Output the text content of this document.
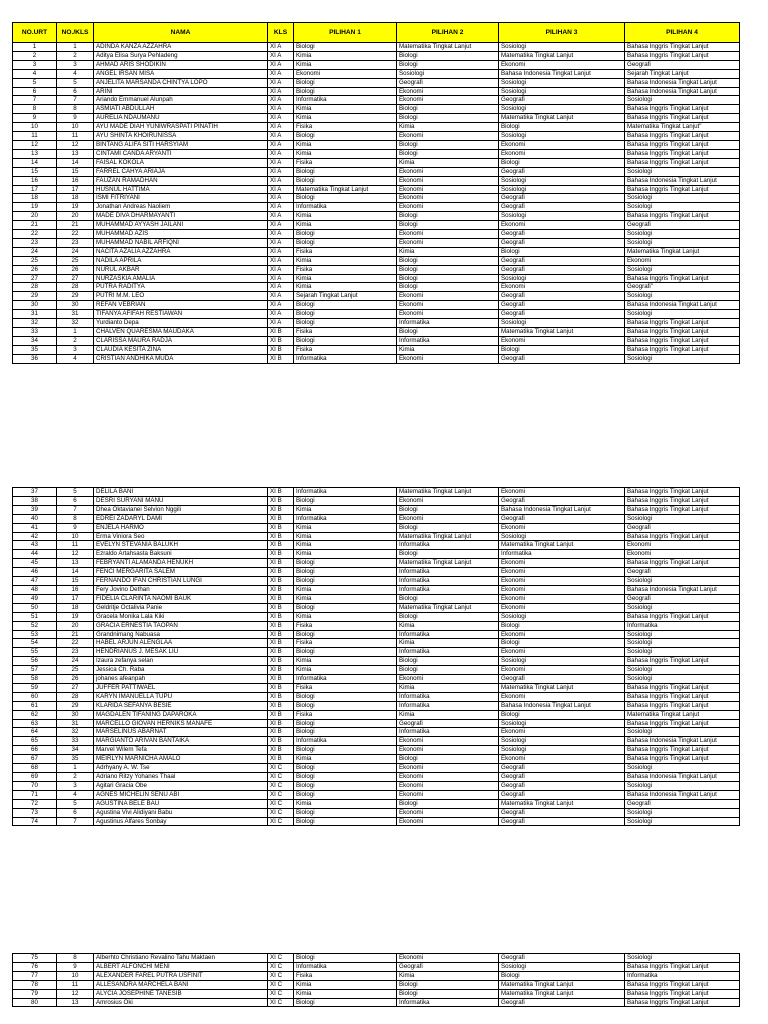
NO.URT	NO./KLS	NAMA	KLS	PILIHAN 1	PILIHAN 2	PILIHAN 3	PILIHAN 4
1	1	ADINDA KANZA AZZAHRA	XI A	Biologi	Matematika Tingkat Lanjut	Sosiologi	Bahasa Inggris Tingkat Lanjut
2	2	Aditya Elisa Surya Pehladeng	XI A	Kimia	Biologi	Matematika Tingkat Lanjut	Bahasa Inggris Tingkat Lanjut
3	3	AHMAD ARIS SHODIKIN	XI A	Kimia	Biologi	Ekonomi	Geografi
4	4	ANGEL IRSAN MISA	XI A	Ekonomi	Sosiologi	Bahasa Indonesia Tingkat Lanjut	Sejarah Tingkat Lanjut
5	5	ANJELITA MARSANDA CHINTYA LOPO	XI A	Biologi	Geografi	Sosiologi	Bahasa Indonesia Tingkat Lanjut
6	6	ARINI	XI A	Biologi	Ekonomi	Sosiologi	Bahasa Indonesia Tingkat Lanjut
7	7	Ariando Emmanuel Alunpah	XI A	Informatika	Ekonomi	Geografi	Sosiologi
8	8	ASMIATI ABDULLAH	XI A	Kimia	Biologi	Sosiologi	Bahasa Inggris Tingkat Lanjut
9	9	AURELIA NDAUMANU	XI A	Kimia	Biologi	Matematika Tingkat Lanjut	Bahasa Inggris Tingkat Lanjut
10	10	AYU MADE DIAH YUNIWRASPATI PINATIH	XI A	Fisika	Kimia	Biologi	Matematika Tingkat Lanjut"
11	11	AYU SHINTA KHOIRUNISSA	XI A	Biologi	Ekonomi	Sosiologi	Bahasa Inggris Tingkat Lanjut
12	12	BINTANG ALIFA SITI HARSYIAM	XI A	Kimia	Biologi	Ekonomi	Bahasa Inggris Tingkat Lanjut
13	13	CINTAMI CANDA ARYANTI	XI A	Kimia	Biologi	Ekonomi	Bahasa Inggris Tingkat Lanjut
14	14	FAISAL KOKOLA	XI A	Fisika	Kimia	Biologi	Bahasa Inggris Tingkat Lanjut
15	15	FARREL CAHYA ARIAJA	XI A	Biologi	Ekonomi	Geografi	Sosiologi
16	16	FAUZAN RAMADHAN	XI A	Biologi	Ekonomi	Sosiologi	Bahasa Indonesia Tingkat Lanjut
17	17	HUSNUL HATTIMA	XI A	Matematika Tingkat Lanjut	Ekonomi	Sosiologi	Bahasa Inggris Tingkat Lanjut
18	18	ISMI FITRIYANI	XI A	Biologi	Ekonomi	Geografi	Sosiologi
19	19	Jonathan Andreas Naoliem	XI A	Informatika	Ekonomi	Geografi	Sosiologi
20	20	MADE DIVA DHARMAYANTI	XI A	Kimia	Biologi	Sosiologi	Bahasa Inggris Tingkat Lanjut
21	21	MUHAMMAD AYYASH JAILANI	XI A	Kimia	Biologi	Ekonomi	Geografi
22	22	MUHAMMAD AZIS	XI A	Biologi	Ekonomi	Geografi	Sosiologi
23	23	MUHAMMAD NABIL ARFIQNI	XI A	Biologi	Ekonomi	Geografi	Sosiologi
24	24	NACITA AZALIA AZZAHRA	XI A	Fisika	Kimia	Biologi	Matematika Tingkat Lanjut
25	25	NADILA APRILA	XI A	Kimia	Biologi	Geografi	Ekonomi
26	26	NURUL AKBAR	XI A	Fisika	Biologi	Geografi	Sosiologi
27	27	NURZASKIA AMALIA	XI A	Kimia	Biologi	Sosiologi	Bahasa Inggris Tingkat Lanjut
28	28	PUTRA RADITYA	XI A	Kimia	Biologi	Ekonomi	Geografi"
29	29	PUTRI M.M. LEO	XI A	Sejarah Tingkat Lanjut	Ekonomi	Geografi	Sosiologi
30	30	REFAN VEBRIAN	XI A	Biologi	Ekonomi	Geografi	Bahasa Indonesia Tingkat Lanjut
31	31	TIFANYA AFIFAH RESTIAWAN	XI A	Biologi	Ekonomi	Geografi	Sosiologi
32	32	Yurdianto Depa	XI A	Biologi	Informatika	Sosiologi	Bahasa Inggris Tingkat Lanjut
33	1	CHALVEN QUARESMA MAUDAKA	XI B	Fisika	Biologi	Matematika Tingkat Lanjut	Bahasa Inggris Tingkat Lanjut
34	2	CLARISSA MAURA RADJA	XI B	Biologi	Informatika	Ekonomi	Bahasa Inggris Tingkat Lanjut
35	3	CLAUDIA KESITA ZINA	XI B	Fisika	Kimia	Biologi	Bahasa Inggris Tingkat Lanjut
36	4	CRISTIAN ANDHIKA MUDA	XI B	Informatika	Ekonomi	Geografi	Sosiologi
37	5	DELILA BANI	XI B	Informatika	Matematika Tingkat Lanjut	Ekonomi	Bahasa Inggris Tingkat Lanjut
38	6	DESRI SURYANI MANU	XI B	Biologi	Ekonomi	Geografi	Bahasa Inggris Tingkat Lanjut
39	7	Dhea Oktavianei Selvion Nggili	XI B	Kimia	Biologi	Bahasa Indonesia Tingkat Lanjut	Bahasa Inggris Tingkat Lanjut
40	8	EDREI ZADARYL DAMI	XI B	Informatika	Ekonomi	Geografi	Sosiologi
41	9	ENJELA HARMO	XI B	Kimia	Biologi	Ekonomi	Geografi
42	10	Erma Viniora Seo	XI B	Kimia	Matematika Tingkat Lanjut	Sosiologi	Bahasa Inggris Tingkat Lanjut
43	11	EVELYN STEVANIA BALUKH	XI B	Kimia	Informatika	Matematika Tingkat Lanjut	Ekonomi
44	12	Ezraldo Artahsasta Baksuni	XI B	Kimia	Biologi	Informatika	Ekonomi
45	13	FEBRYANTI ALAMANDA HENUKH	XI B	Biologi	Matematika Tingkat Lanjut	Ekonomi	Bahasa Inggris Tingkat Lanjut
46	14	FENCI MERGARITA SALEM	XI B	Biologi	Informatika	Ekonomi	Geografi
47	15	FERNANDO IFAN CHRISTIAN LUNGI	XI B	Biologi	Informatika	Ekonomi	Sosiologi
48	16	Fery Jovino Dethan	XI B	Kimia	Informatika	Ekonomi	Bahasa Indonesia Tingkat Lanjut
49	17	FIDELIA CLARINTA NAOMI BAUK	XI B	Kimia	Biologi	Ekonomi	Geografi
50	18	Geldritje Octalivia Panie	XI B	Biologi	Matematika Tingkat Lanjut	Ekonomi	Sosiologi
51	19	Gracela Monika Lala Kiki	XI B	Kimia	Biologi	Sosiologi	Bahasa Inggris Tingkat Lanjut
52	20	GRACIA ERNESTIA TAOPAN	XI B	Fisika	Kimia	Biologi	Informatika
53	21	Grandnimang Nabuasa	XI B	Biologi	Informatika	Ekonomi	Sosiologi
54	22	HABEL ARJUN ALENGLAA	XI B	Fisika	Kimia	Biologi	Sosiologi
55	23	HENDRIANUS J. MESAK LIU	XI B	Biologi	Informatika	Ekonomi	Sosiologi
56	24	Izaura zefanya selan	XI B	Kimia	Biologi	Sosiologi	Bahasa Inggris Tingkat Lanjut
57	25	Jessica Ch. Raba	XI B	Kimia	Biologi	Ekonomi	Sosiologi
58	26	johanes afeanpah	XI B	Informatika	Ekonomi	Geografi	Sosiologi
59	27	JUFFER PATTIWAEL	XI B	Fisika	Kimia	Matematika Tingkat Lanjut	Bahasa Inggris Tingkat Lanjut
60	28	KARYN IMANUELLA TUPU	XI B	Biologi	Informatika	Ekonomi	Bahasa Inggris Tingkat Lanjut
61	29	KLARIDA SEFANYA BESIE	XI B	Biologi	Informatika	Bahasa Indonesia Tingkat Lanjut	Bahasa Inggris Tingkat Lanjut
62	30	MAGDALEN TIFANING DAPAROKA	XI B	Fisika	Kimia	Biologi	Matematika Tingkat Lanjut
63	31	MARCELLO GIOVAN HERNIKS MANAFE	XI B	Biologi	Geografi	Sosiologi	Bahasa Inggris Tingkat Lanjut
64	32	MARSELINUS ABARNAT	XI B	Biologi	Informatika	Ekonomi	Sosiologi
65	33	MARGIANTO ARIVAN BANTAIKA	XI B	Informatika	Ekonomi	Sosiologi	Bahasa Indonesia Tingkat Lanjut
66	34	Marvel Wilem Tefa	XI B	Biologi	Ekonomi	Sosiologi	Bahasa Inggris Tingkat Lanjut
67	35	MEIRLYN MARNICHA AMALO	XI B	Kimia	Biologi	Ekonomi	Bahasa Inggris Tingkat Lanjut
68	1	Adrhyany A. W. Tse	XI C	Biologi	Ekonomi	Geografi	Sosiologi
69	2	Adriano Ritzy Yohanes Thaal	XI C	Biologi	Ekonomi	Geografi	Bahasa Indonesia Tingkat Lanjut
70	3	Agitari Gracia Obe	XI C	Biologi	Ekonomi	Geografi	Sosiologi
71	4	AGNES MICHELIN SENU ABI	XI C	Biologi	Ekonomi	Geografi	Bahasa Indonesia Tingkat Lanjut
72	5	AGUSTINA BELE BAU	XI C	Kimia	Biologi	Matematika Tingkat Lanjut	Geografi
73	6	Agustina Vivi Alidiyani Babu	XI C	Biologi	Ekonomi	Geografi	Sosiologi
74	7	Agustinus Alfares Sonbay	XI C	Biologi	Ekonomi	Geografi	Sosiologi
75	8	Alberhto Christiano Revalino Tahu Maktaen	XI C	Biologi	Ekonomi	Geografi	Sosiologi
76	9	ALBERT ALFONCHI MENI	XI C	Informatika	Geografi	Sosiologi	Bahasa Inggris Tingkat Lanjut
77	10	ALEXANDER FAREL PUTRA USFINIT	XI C	Fisika	Kimia	Biologi	Informatika
78	11	ALLESANDRA MARCHELA BANI	XI C	Kimia	Biologi	Matematika Tingkat Lanjut	Bahasa Inggris Tingkat Lanjut
79	12	ALYCIA JOSEPHINE TANESIB	XI C	Kimia	Biologi	Matematika Tingkat Lanjut	Bahasa Inggris Tingkat Lanjut
80	13	Amrosius Oki	XI C	Biologi	Informatika	Geografi	Bahasa Inggris Tingkat Lanjut
